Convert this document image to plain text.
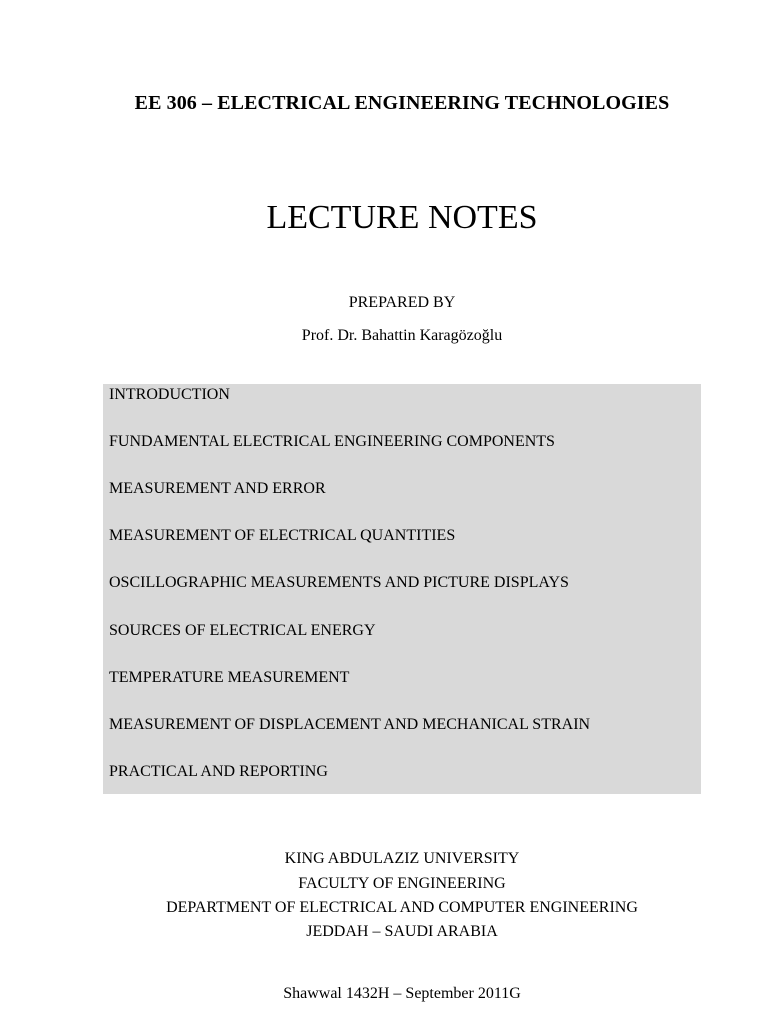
EE 306 – ELECTRICAL ENGINEERING TECHNOLOGIES
LECTURE NOTES
PREPARED BY
Prof. Dr. Bahattin Karagözoğlu
INTRODUCTION
FUNDAMENTAL ELECTRICAL ENGINEERING COMPONENTS
MEASUREMENT AND ERROR
MEASUREMENT OF ELECTRICAL QUANTITIES
OSCILLOGRAPHIC MEASUREMENTS AND PICTURE DISPLAYS
SOURCES OF ELECTRICAL ENERGY
TEMPERATURE MEASUREMENT
MEASUREMENT OF DISPLACEMENT AND MECHANICAL STRAIN
PRACTICAL AND REPORTING
KING ABDULAZIZ UNIVERSITY
FACULTY OF ENGINEERING
DEPARTMENT OF ELECTRICAL AND COMPUTER ENGINEERING
JEDDAH – SAUDI ARABIA
Shawwal 1432H – September 2011G
